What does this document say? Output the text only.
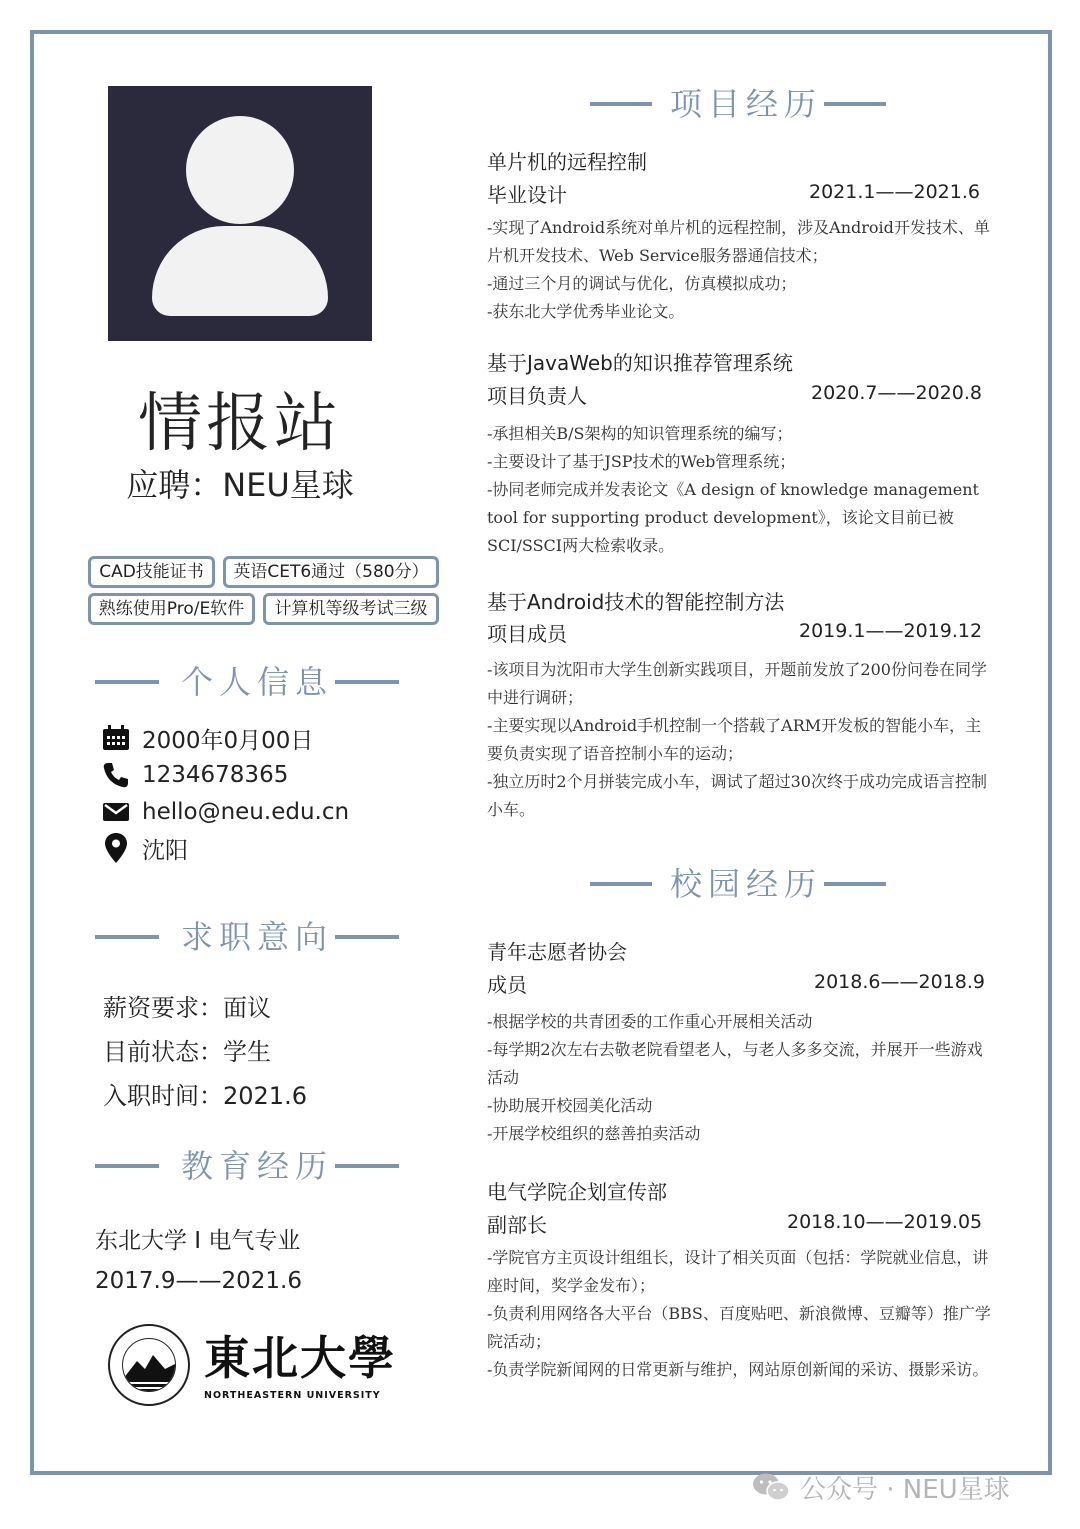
情报站
应聘：NEU星球
CAD技能证书	英语CET6通过（580分）
熟练使用Pro/E软件	计算机等级考试三级
个人信息
2000年0月00日
1234678365
hello@neu.edu.cn
沈阳
求职意向
薪资要求：面议
目前状态：学生
入职时间：2021.6
教育经历
东北大学 I 电气专业
2017.9——2021.6
東北大學
NORTHEASTERN UNIVERSITY
项目经历
单片机的远程控制
毕业设计	2021.1——2021.6
-实现了Android系统对单片机的远程控制，涉及Android开发技术、单片机开发技术、Web Service服务器通信技术；
-通过三个月的调试与优化，仿真模拟成功；
-获东北大学优秀毕业论文。
基于JavaWeb的知识推荐管理系统
项目负责人	2020.7——2020.8
-承担相关B/S架构的知识管理系统的编写；
-主要设计了基于JSP技术的Web管理系统；
-协同老师完成并发表论文《A design of knowledge management tool for supporting product development》，该论文目前已被SCI/SSCI两大检索收录。
基于Android技术的智能控制方法
项目成员	2019.1——2019.12
-该项目为沈阳市大学生创新实践项目，开题前发放了200份问卷在同学中进行调研；
-主要实现以Android手机控制一个搭载了ARM开发板的智能小车，主要负责实现了语音控制小车的运动；
-独立历时2个月拼装完成小车，调试了超过30次终于成功完成语言控制小车。
校园经历
青年志愿者协会
成员	2018.6——2018.9
-根据学校的共青团委的工作重心开展相关活动
-每学期2次左右去敬老院看望老人，与老人多多交流，并展开一些游戏活动
-协助展开校园美化活动
-开展学校组织的慈善拍卖活动
电气学院企划宣传部
副部长	2018.10——2019.05
-学院官方主页设计组组长，设计了相关页面（包括：学院就业信息，讲座时间，奖学金发布）；
-负责利用网络各大平台（BBS、百度贴吧、新浪微博、豆瓣等）推广学院活动；
-负责学院新闻网的日常更新与维护，网站原创新闻的采访、摄影采访。
公众号 · NEU星球
